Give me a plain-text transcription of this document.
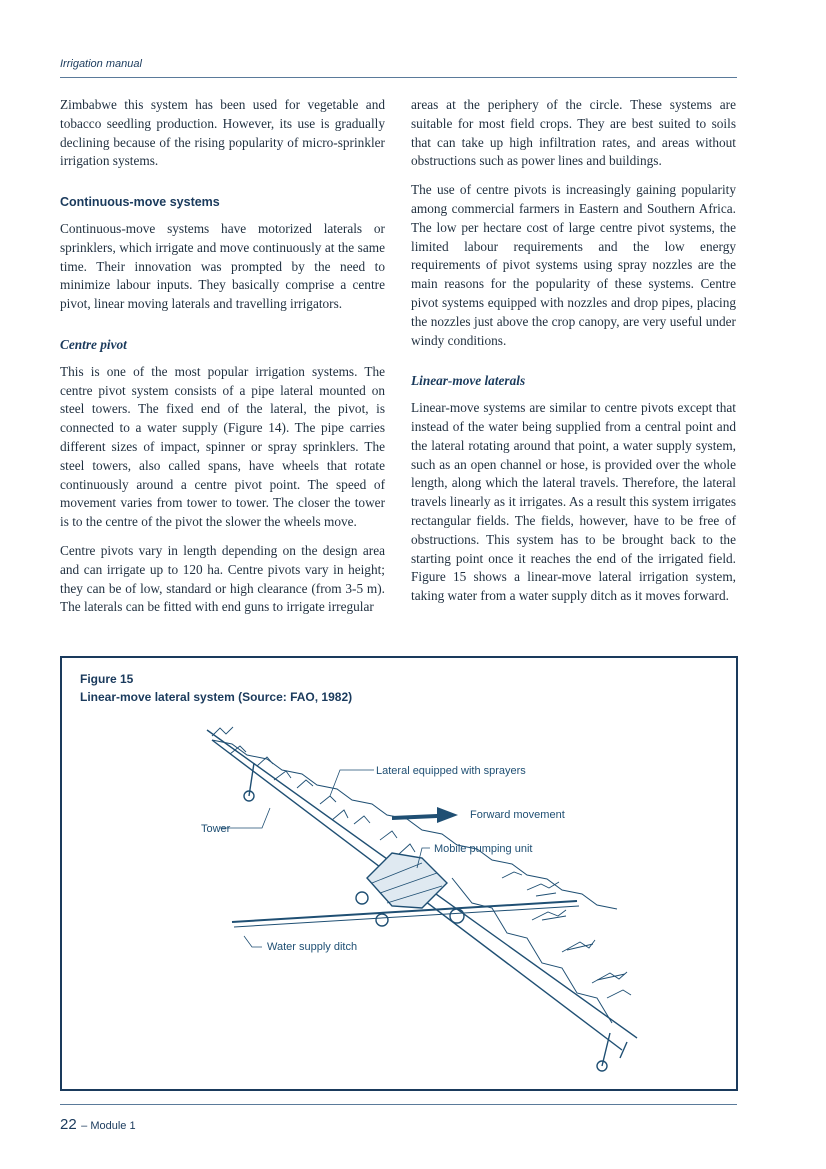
Irrigation manual

Zimbabwe this system has been used for vegetable and tobacco seedling production. However, its use is gradually declining because of the rising popularity of micro-sprinkler irrigation systems.

Continuous-move systems

Continuous-move systems have motorized laterals or sprinklers, which irrigate and move continuously at the same time. Their innovation was prompted by the need to minimize labour inputs. They basically comprise a centre pivot, linear moving laterals and travelling irrigators.

Centre pivot

This is one of the most popular irrigation systems. The centre pivot system consists of a pipe lateral mounted on steel towers. The fixed end of the lateral, the pivot, is connected to a water supply (Figure 14). The pipe carries different sizes of impact, spinner or spray sprinklers. The steel towers, also called spans, have wheels that rotate continuously around a centre pivot point. The speed of movement varies from tower to tower. The closer the tower is to the centre of the pivot the slower the wheels move.

Centre pivots vary in length depending on the design area and can irrigate up to 120 ha. Centre pivots vary in height; they can be of low, standard or high clearance (from 3-5 m). The laterals can be fitted with end guns to irrigate irregular

areas at the periphery of the circle. These systems are suitable for most field crops. They are best suited to soils that can take up high infiltration rates, and areas without obstructions such as power lines and buildings.

The use of centre pivots is increasingly gaining popularity among commercial farmers in Eastern and Southern Africa. The low per hectare cost of large centre pivot systems, the limited labour requirements and the low energy requirements of pivot systems using spray nozzles are the main reasons for the popularity of these systems. Centre pivot systems equipped with nozzles and drop pipes, placing the nozzles just above the crop canopy, are very useful under windy conditions.

Linear-move laterals

Linear-move systems are similar to centre pivots except that instead of the water being supplied from a central point and the lateral rotating around that point, a water supply system, such as an open channel or hose, is provided over the whole length, along which the lateral travels. Therefore, the lateral travels linearly as it irrigates. As a result this system irrigates rectangular fields. The fields, however, have to be free of obstructions. This system has to be brought back to the starting point once it reaches the end of the irrigated field. Figure 15 shows a linear-move lateral irrigation system, taking water from a water supply ditch as it moves forward.

Figure 15
Linear-move lateral system (Source: FAO, 1982)
Lateral equipped with sprayers
Forward movement
Tower
Mobile pumping unit
Water supply ditch
22 – Module 1
